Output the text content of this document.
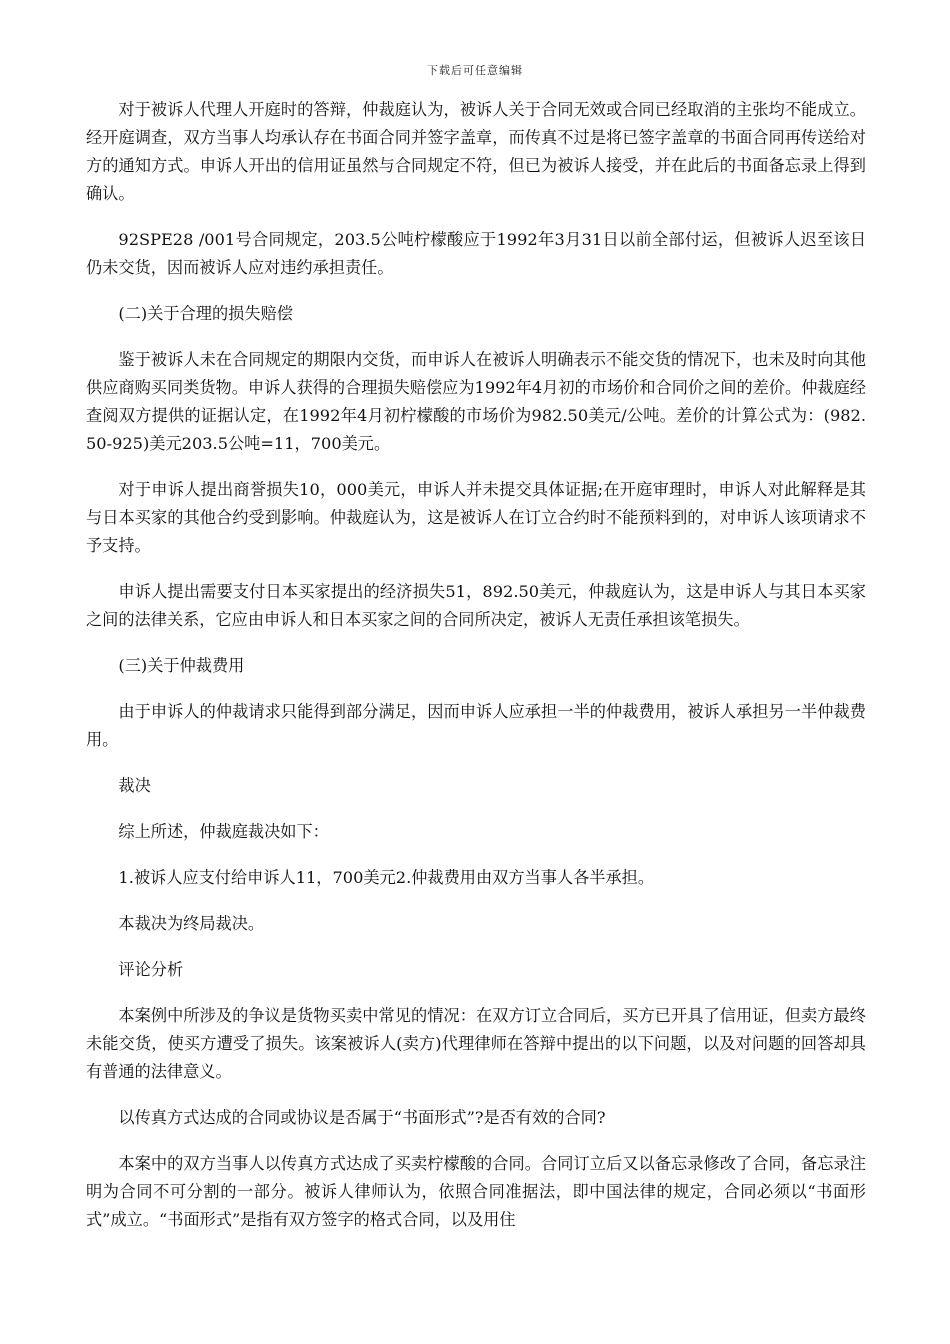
下载后可任意编辑

对于被诉人代理人开庭时的答辩，仲裁庭认为，被诉人关于合同无效或合同已经取消的主张均不能成立。经开庭调查，双方当事人均承认存在书面合同并签字盖章，而传真不过是将已签字盖章的书面合同再传送给对方的通知方式。申诉人开出的信用证虽然与合同规定不符，但已为被诉人接受，并在此后的书面备忘录上得到确认。

92SPE28 /001号合同规定，203.5公吨柠檬酸应于1992年3月31日以前全部付运，但被诉人迟至该日仍未交货，因而被诉人应对违约承担责任。

(二)关于合理的损失赔偿

鉴于被诉人未在合同规定的期限内交货，而申诉人在被诉人明确表示不能交货的情况下，也未及时向其他供应商购买同类货物。申诉人获得的合理损失赔偿应为1992年4月初的市场价和合同价之间的差价。仲裁庭经查阅双方提供的证据认定，在1992年4月初柠檬酸的市场价为982.50美元/公吨。差价的计算公式为：(982.50-925)美元203.5公吨=11，700美元。

对于申诉人提出商誉损失10，000美元，申诉人并未提交具体证据;在开庭审理时，申诉人对此解释是其与日本买家的其他合约受到影响。仲裁庭认为，这是被诉人在订立合约时不能预料到的，对申诉人该项请求不予支持。

申诉人提出需要支付日本买家提出的经济损失51，892.50美元，仲裁庭认为，这是申诉人与其日本买家之间的法律关系，它应由申诉人和日本买家之间的合同所决定，被诉人无责任承担该笔损失。

(三)关于仲裁费用

由于申诉人的仲裁请求只能得到部分满足，因而申诉人应承担一半的仲裁费用，被诉人承担另一半仲裁费用。

裁决

综上所述，仲裁庭裁决如下：

1.被诉人应支付给申诉人11，700美元2.仲裁费用由双方当事人各半承担。

本裁决为终局裁决。

评论分析

本案例中所涉及的争议是货物买卖中常见的情况：在双方订立合同后，买方已开具了信用证，但卖方最终未能交货，使买方遭受了损失。该案被诉人(卖方)代理律师在答辩中提出的以下问题，以及对问题的回答却具有普通的法律意义。

以传真方式达成的合同或协议是否属于“书面形式”?是否有效的合同?

本案中的双方当事人以传真方式达成了买卖柠檬酸的合同。合同订立后又以备忘录修改了合同，备忘录注明为合同不可分割的一部分。被诉人律师认为，依照合同准据法，即中国法律的规定，合同必须以“书面形式”成立。“书面形式”是指有双方签字的格式合同，以及用住
